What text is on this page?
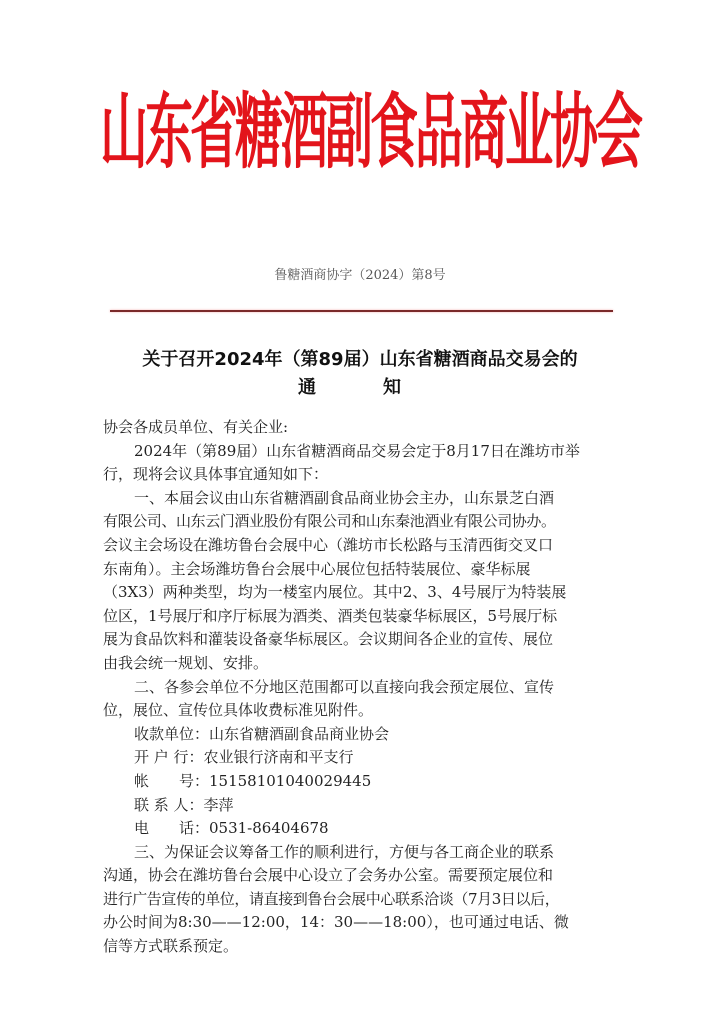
山东省糖酒副食品商业协会
鲁糖酒商协字（2024）第8号
关于召开2024年（第89届）山东省糖酒商品交易会的
通	知

协会各成员单位、有关企业:

2024年（第89届）山东省糖酒商品交易会定于8月17日在潍坊市举

行，现将会议具体事宜通知如下：

一、本届会议由山东省糖酒副食品商业协会主办，山东景芝白酒

有限公司、山东云门酒业股份有限公司和山东秦池酒业有限公司协办。

会议主会场设在潍坊鲁台会展中心（潍坊市长松路与玉清西街交叉口

东南角）。主会场潍坊鲁台会展中心展位包括特装展位、豪华标展

（3X3）两种类型，均为一楼室内展位。其中2、3、4号展厅为特装展

位区，1号展厅和序厅标展为酒类、酒类包装豪华标展区，5号展厅标

展为食品饮料和灌装设备豪华标展区。会议期间各企业的宣传、展位

由我会统一规划、安排。

二、各参会单位不分地区范围都可以直接向我会预定展位、宣传

位，展位、宣传位具体收费标准见附件。

收款单位：山东省糖酒副食品商业协会

开 户 行：农业银行济南和平支行

帐　　号：15158101040029445

联 系 人：李萍

电　　话：0531-86404678

三、为保证会议筹备工作的顺利进行，方便与各工商企业的联系

沟通，协会在潍坊鲁台会展中心设立了会务办公室。需要预定展位和

进行广告宣传的单位，请直接到鲁台会展中心联系洽谈（7月3日以后，

办公时间为8:30——12:00，14：30——18:00），也可通过电话、微

信等方式联系预定。
